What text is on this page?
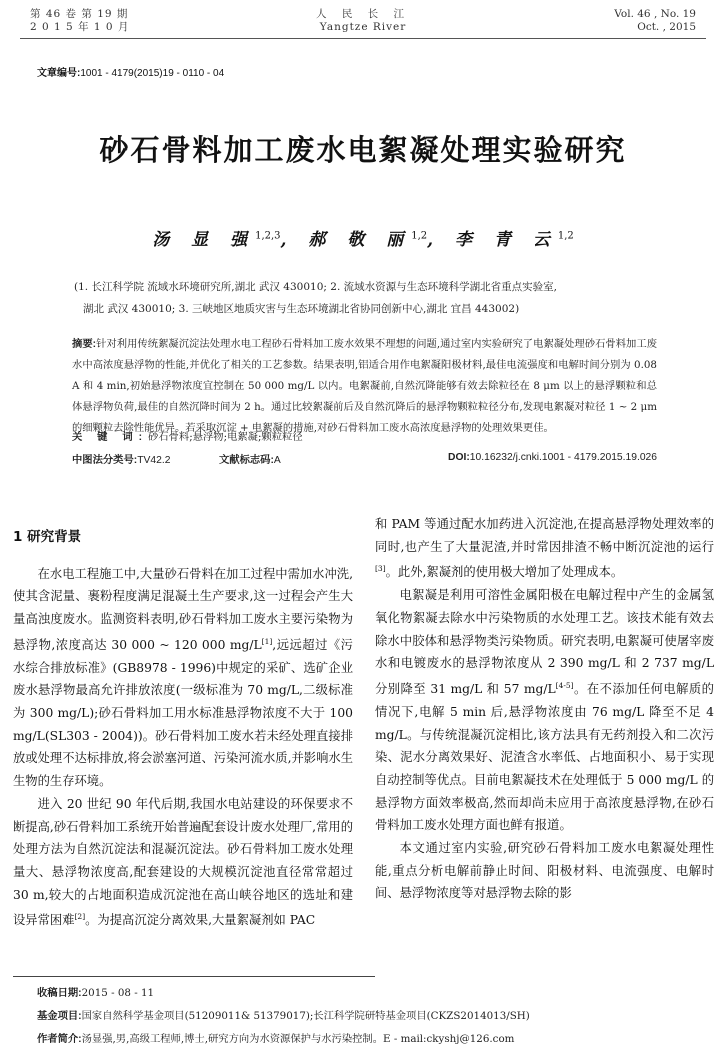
第 46 卷 第 19 期
2 0 1 5 年 1 0 月
人 民 长 江
Yangtze River
Vol. 46 , No. 19
Oct. , 2015
文章编号:1001 - 4179(2015)19 - 0110 - 04
砂石骨料加工废水电絮凝处理实验研究
汤 显 强$^{1,2,3}$, 郝 敬 丽$^{1,2}$, 李 青 云$^{1,2}$
(1. 长江科学院 流域水环境研究所,湖北 武汉 430010; 2. 流域水资源与生态环境科学湖北省重点实验室,
湖北 武汉 430010; 3. 三峡地区地质灾害与生态环境湖北省协同创新中心,湖北 宜昌 443002)
摘要:针对利用传统絮凝沉淀法处理水电工程砂石骨料加工废水效果不理想的问题,通过室内实验研究了电絮凝处理砂石骨料加工废水中高浓度悬浮物的性能,并优化了相关的工艺参数。结果表明,铝适合用作电絮凝阳极材料,最佳电流强度和电解时间分别为 0.08 A 和 4 min,初始悬浮物浓度宜控制在 50 000 mg/L 以内。电絮凝前,自然沉降能够有效去除粒径在 8 μm 以上的悬浮颗粒和总体悬浮物负荷,最佳的自然沉降时间为 2 h。通过比较絮凝前后及自然沉降后的悬浮物颗粒粒径分布,发现电絮凝对粒径 1 ~ 2 μm 的细颗粒去除性能优异。若采取沉淀 + 电絮凝的措施,对砂石骨料加工废水高浓度悬浮物的处理效果更佳。
关 键 词:砂石骨料;悬浮物;电絮凝;颗粒粒径
中图法分类号:TV42.2	文献标志码:A	DOI:10.16232/j.cnki.1001 - 4179.2015.19.026

1 研究背景

在水电工程施工中,大量砂石骨料在加工过程中需加水冲洗,使其含泥量、裹粉程度满足混凝土生产要求,这一过程会产生大量高浊度废水。监测资料表明,砂石骨料加工废水主要污染物为悬浮物,浓度高达 30 000 ~ 120 000 mg/L[1],远远超过《污水综合排放标准》(GB8978 - 1996)中规定的采矿、选矿企业废水悬浮物最高允许排放浓度(一级标准为 70 mg/L,二级标准为 300 mg/L);砂石骨料加工用水标准悬浮物浓度不大于 100 mg/L(SL303 - 2004))。砂石骨料加工废水若未经处理直接排放或处理不达标排放,将会淤塞河道、污染河流水质,并影响水生生物的生存环境。

进入 20 世纪 90 年代后期,我国水电站建设的环保要求不断提高,砂石骨料加工系统开始普遍配套设计废水处理厂,常用的处理方法为自然沉淀法和混凝沉淀法。砂石骨料加工废水处理量大、悬浮物浓度高,配套建设的大规模沉淀池直径常常超过 30 m,较大的占地面积造成沉淀池在高山峡谷地区的选址和建设异常困难[2]。为提高沉淀分离效果,大量絮凝剂如 PAC

和 PAM 等通过配水加药进入沉淀池,在提高悬浮物处理效率的同时,也产生了大量泥渣,并时常因排渣不畅中断沉淀池的运行[3]。此外,絮凝剂的使用极大增加了处理成本。

电絮凝是利用可溶性金属阳极在电解过程中产生的金属氢氧化物絮凝去除水中污染物质的水处理工艺。该技术能有效去除水中胶体和悬浮物类污染物质。研究表明,电絮凝可使屠宰废水和电镀废水的悬浮物浓度从 2 390 mg/L 和 2 737 mg/L 分别降至 31 mg/L 和 57 mg/L[4-5]。在不添加任何电解质的情况下,电解 5 min 后,悬浮物浓度由 76 mg/L 降至不足 4 mg/L。与传统混凝沉淀相比,该方法具有无药剂投入和二次污染、泥水分离效果好、泥渣含水率低、占地面积小、易于实现自动控制等优点。目前电絮凝技术在处理低于 5 000 mg/L 的悬浮物方面效率极高,然而却尚未应用于高浓度悬浮物,在砂石骨料加工废水处理方面也鲜有报道。

本文通过室内实验,研究砂石骨料加工废水电絮凝处理性能,重点分析电解前静止时间、阳极材料、电流强度、电解时间、悬浮物浓度等对悬浮物去除的影

收稿日期:2015 - 08 - 11
基金项目:国家自然科学基金项目(51209011& 51379017);长江科学院研特基金项目(CKZS2014013/SH)
作者简介:汤显强,男,高级工程师,博士,研究方向为水资源保护与水污染控制。E - mail:ckyshj@126.com
